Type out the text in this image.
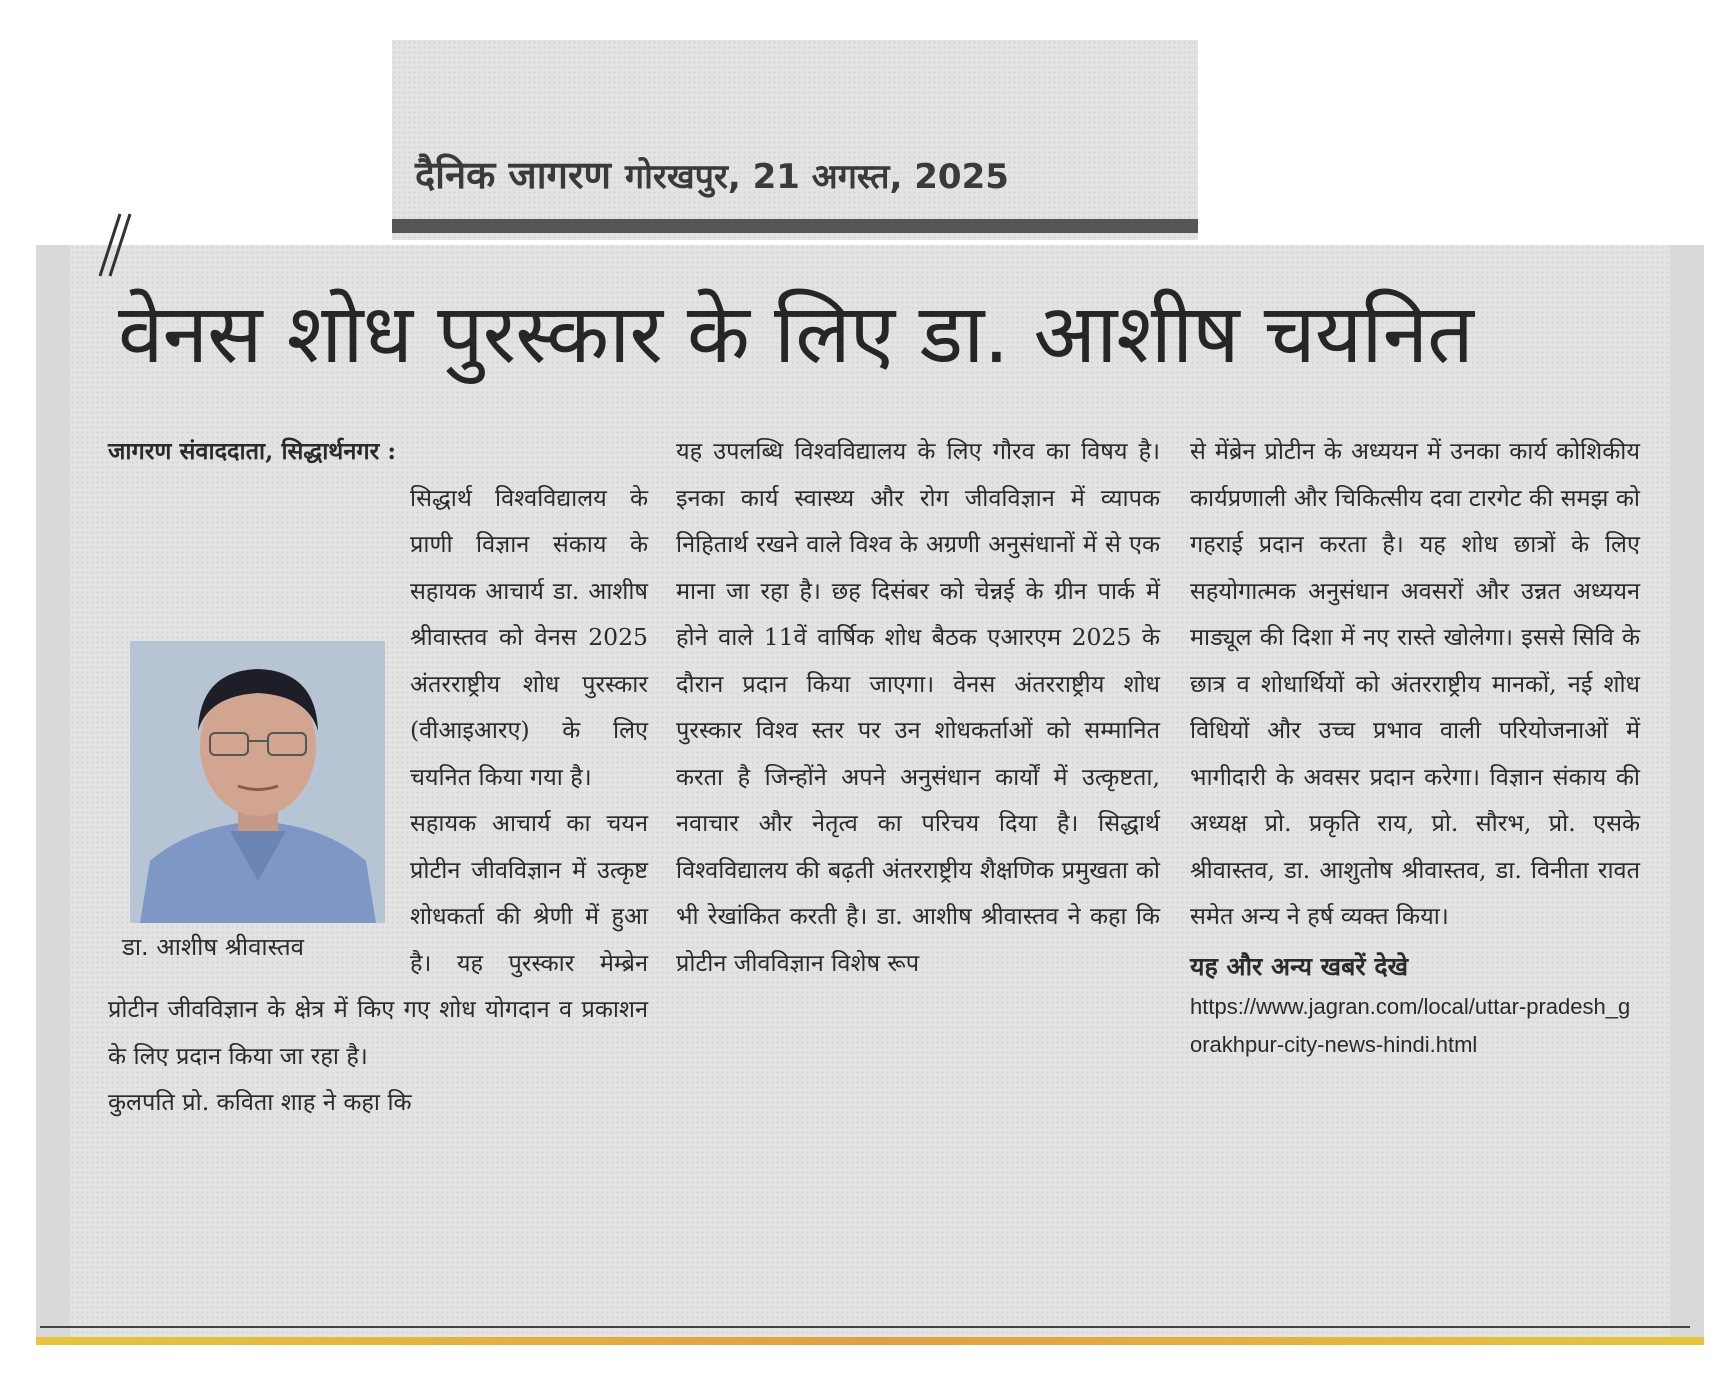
दैनिक जागरण गोरखपुर, 21 अगस्त, 2025
वेनस शोध पुरस्कार के लिए डा. आशीष चयनित

जागरण संवाददाता, सिद्धार्थनगर :

डा. आशीष श्रीवास्तव

सिद्धार्थ विश्वविद्यालय के प्राणी विज्ञान संकाय के सहायक आचार्य डा. आशीष श्रीवास्तव को वेनस 2025 अंतरराष्ट्रीय शोध पुरस्कार (वीआइआरए) के लिए चयनित किया गया है।

सहायक आचार्य का चयन प्रोटीन जीवविज्ञान में उत्कृष्ट शोधकर्ता की श्रेणी में हुआ है। यह पुरस्कार मेम्ब्रेन प्रोटीन जीवविज्ञान के क्षेत्र में किए गए शोध योगदान व प्रकाशन के लिए प्रदान किया जा रहा है।

कुलपति प्रो. कविता शाह ने कहा कि

यह उपलब्धि विश्वविद्यालय के लिए गौरव का विषय है। इनका कार्य स्वास्थ्य और रोग जीवविज्ञान में व्यापक निहितार्थ रखने वाले विश्व के अग्रणी अनुसंधानों में से एक माना जा रहा है। छह दिसंबर को चेन्नई के ग्रीन पार्क में होने वाले 11वें वार्षिक शोध बैठक एआरएम 2025 के दौरान प्रदान किया जाएगा। वेनस अंतरराष्ट्रीय शोध पुरस्कार विश्व स्तर पर उन शोधकर्ताओं को सम्मानित करता है जिन्होंने अपने अनुसंधान कार्यों में उत्कृष्टता, नवाचार और नेतृत्व का परिचय दिया है। सिद्धार्थ विश्वविद्यालय की बढ़ती अंतरराष्ट्रीय शैक्षणिक प्रमुखता को भी रेखांकित करती है। डा. आशीष श्रीवास्तव ने कहा कि प्रोटीन जीवविज्ञान विशेष रूप

से मेंब्रेन प्रोटीन के अध्ययन में उनका कार्य कोशिकीय कार्यप्रणाली और चिकित्सीय दवा टारगेट की समझ को गहराई प्रदान करता है। यह शोध छात्रों के लिए सहयोगात्मक अनुसंधान अवसरों और उन्नत अध्ययन माड्यूल की दिशा में नए रास्ते खोलेगा। इससे सिवि के छात्र व शोधार्थियों को अंतरराष्ट्रीय मानकों, नई शोध विधियों और उच्च प्रभाव वाली परियोजनाओं में भागीदारी के अवसर प्रदान करेगा। विज्ञान संकाय की अध्यक्ष प्रो. प्रकृति राय, प्रो. सौरभ, प्रो. एसके श्रीवास्तव, डा. आशुतोष श्रीवास्तव, डा. विनीता रावत समेत अन्य ने हर्ष व्यक्त किया।

यह और अन्य खबरें देखे
https://www.jagran.com/local/uttar-pradesh_gorakhpur-city-news-hindi.html
